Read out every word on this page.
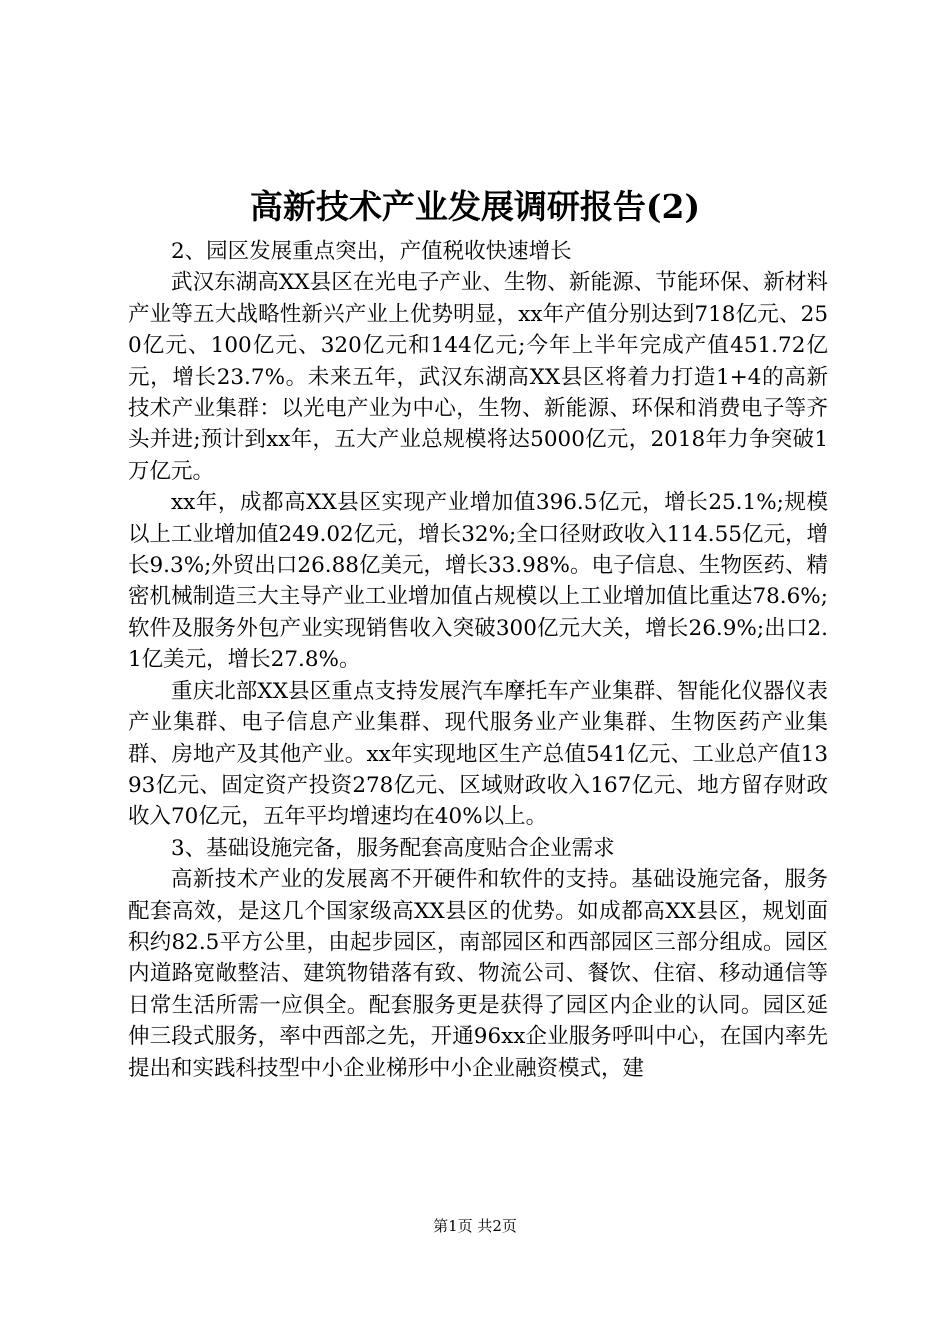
高新技术产业发展调研报告(2)

2、园区发展重点突出，产值税收快速增长

武汉东湖高XX县区在光电子产业、生物、新能源、节能环保、新材料产业等五大战略性新兴产业上优势明显，xx年产值分别达到718亿元、250亿元、100亿元、320亿元和144亿元;今年上半年完成产值451.72亿元，增长23.7%。未来五年，武汉东湖高XX县区将着力打造1+4的高新技术产业集群：以光电产业为中心，生物、新能源、环保和消费电子等齐头并进;预计到xx年，五大产业总规模将达5000亿元，2018年力争突破1万亿元。

xx年，成都高XX县区实现产业增加值396.5亿元，增长25.1%;规模以上工业增加值249.02亿元，增长32%;全口径财政收入114.55亿元，增长9.3%;外贸出口26.88亿美元，增长33.98%。电子信息、生物医药、精密机械制造三大主导产业工业增加值占规模以上工业增加值比重达78.6%;软件及服务外包产业实现销售收入突破300亿元大关，增长26.9%;出口2.1亿美元，增长27.8%。

重庆北部XX县区重点支持发展汽车摩托车产业集群、智能化仪器仪表产业集群、电子信息产业集群、现代服务业产业集群、生物医药产业集群、房地产及其他产业。xx年实现地区生产总值541亿元、工业总产值1393亿元、固定资产投资278亿元、区域财政收入167亿元、地方留存财政收入70亿元，五年平均增速均在40%以上。

3、基础设施完备，服务配套高度贴合企业需求

高新技术产业的发展离不开硬件和软件的支持。基础设施完备，服务配套高效，是这几个国家级高XX县区的优势。如成都高XX县区，规划面积约82.5平方公里，由起步园区，南部园区和西部园区三部分组成。园区内道路宽敞整洁、建筑物错落有致、物流公司、餐饮、住宿、移动通信等日常生活所需一应俱全。配套服务更是获得了园区内企业的认同。园区延伸三段式服务，率中西部之先，开通96xx企业服务呼叫中心，在国内率先提出和实践科技型中小企业梯形中小企业融资模式，建

第1页 共2页
